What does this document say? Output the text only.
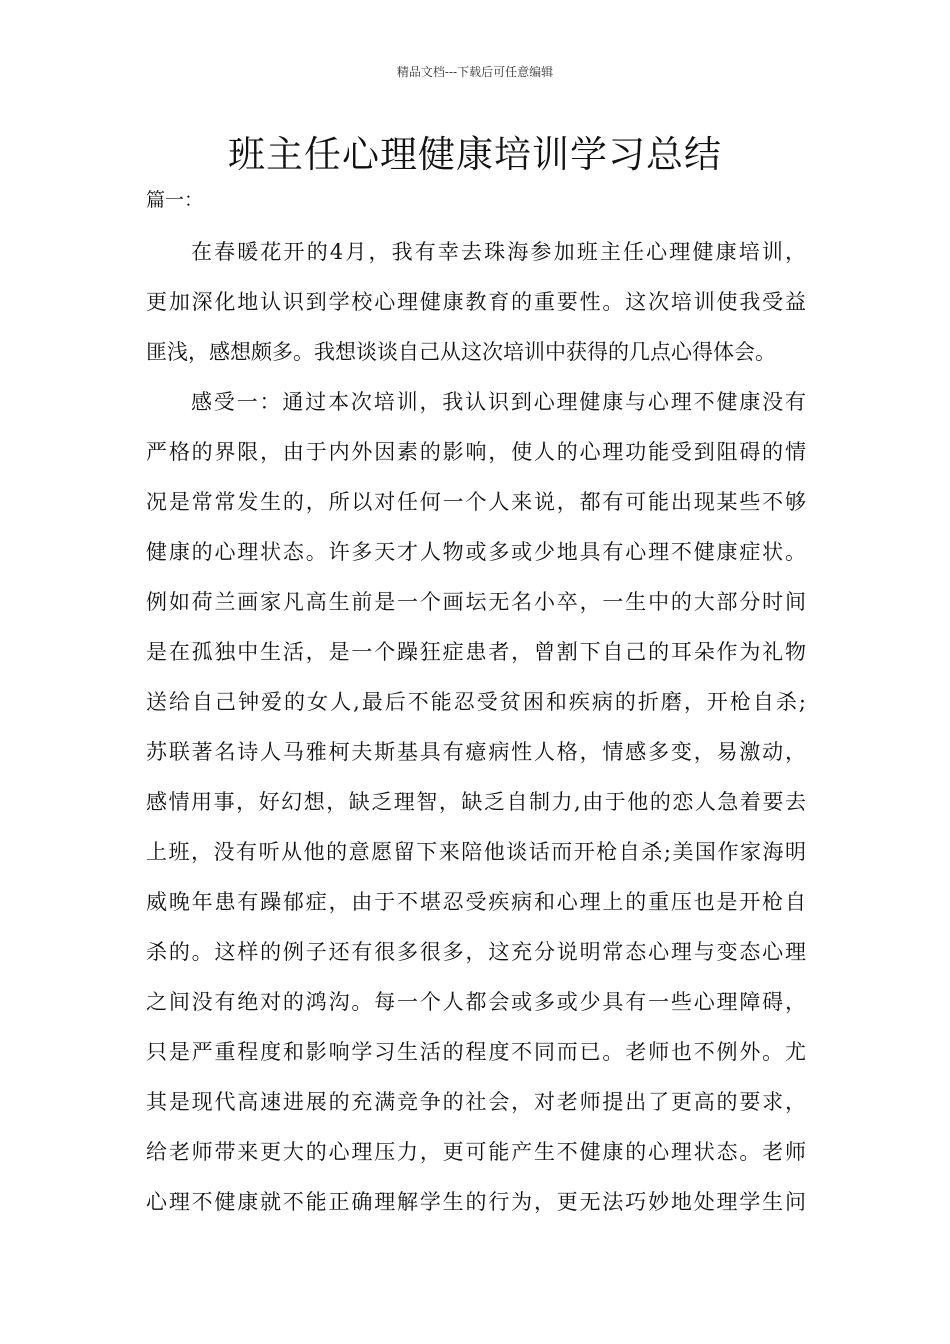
精品文档---下载后可任意编辑
班主任心理健康培训学习总结
篇一：
在春暖花开的4月，我有幸去珠海参加班主任心理健康培训，
更加深化地认识到学校心理健康教育的重要性。这次培训使我受益
匪浅，感想颇多。我想谈谈自己从这次培训中获得的几点心得体会。
感受一：通过本次培训，我认识到心理健康与心理不健康没有
严格的界限，由于内外因素的影响，使人的心理功能受到阻碍的情
况是常常发生的，所以对任何一个人来说，都有可能出现某些不够
健康的心理状态。许多天才人物或多或少地具有心理不健康症状。
例如荷兰画家凡高生前是一个画坛无名小卒，一生中的大部分时间
是在孤独中生活，是一个躁狂症患者，曾割下自己的耳朵作为礼物
送给自己钟爱的女人,最后不能忍受贫困和疾病的折磨，开枪自杀;
苏联著名诗人马雅柯夫斯基具有癔病性人格，情感多变，易激动，
感情用事，好幻想，缺乏理智，缺乏自制力,由于他的恋人急着要去
上班，没有听从他的意愿留下来陪他谈话而开枪自杀;美国作家海明
威晚年患有躁郁症，由于不堪忍受疾病和心理上的重压也是开枪自
杀的。这样的例子还有很多很多，这充分说明常态心理与变态心理
之间没有绝对的鸿沟。每一个人都会或多或少具有一些心理障碍，
只是严重程度和影响学习生活的程度不同而已。老师也不例外。尤
其是现代高速进展的充满竞争的社会，对老师提出了更高的要求，
给老师带来更大的心理压力，更可能产生不健康的心理状态。老师
心理不健康就不能正确理解学生的行为，更无法巧妙地处理学生问
